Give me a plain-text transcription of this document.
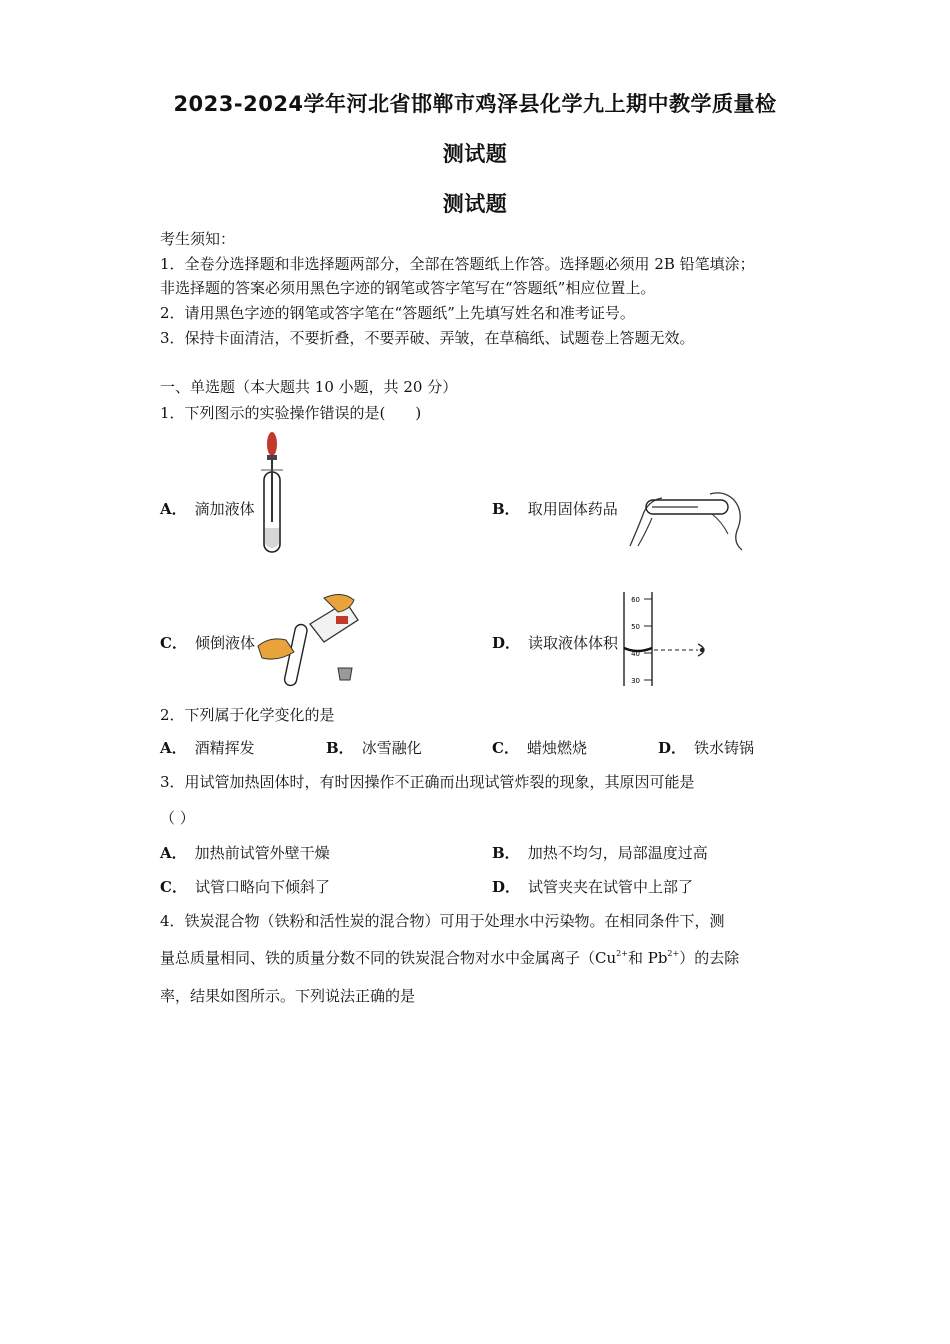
2023-2024学年河北省邯郸市鸡泽县化学九上期中教学质量检
测试题
测试题
考生须知：
1．全卷分选择题和非选择题两部分，全部在答题纸上作答。选择题必须用 2B 铅笔填涂；
非选择题的答案必须用黑色字迹的钢笔或答字笔写在“答题纸”相应位置上。
2．请用黑色字迹的钢笔或答字笔在“答题纸”上先填写姓名和准考证号。
3．保持卡面清洁，不要折叠，不要弄破、弄皱，在草稿纸、试题卷上答题无效。
一、单选题（本大题共 10 小题，共 20 分）
1．下列图示的实验操作错误的是(　　)
A． 滴加液体	B． 取用固体药品
C． 倾倒液体	D． 读取液体体积
60
50
40
30
2．下列属于化学变化的是
A． 酒精挥发	B． 冰雪融化	C． 蜡烛燃烧	D． 铁水铸锅
3．用试管加热固体时，有时因操作不正确而出现试管炸裂的现象，其原因可能是
（ ）
A． 加热前试管外壁干燥	B． 加热不均匀，局部温度过高
C． 试管口略向下倾斜了	D． 试管夹夹在试管中上部了
4．铁炭混合物（铁粉和活性炭的混合物）可用于处理水中污染物。在相同条件下，测
量总质量相同、铁的质量分数不同的铁炭混合物对水中金属离子（$Cu^{2+}$和 $Pb^{2+}$）的去除
率，结果如图所示。下列说法正确的是
